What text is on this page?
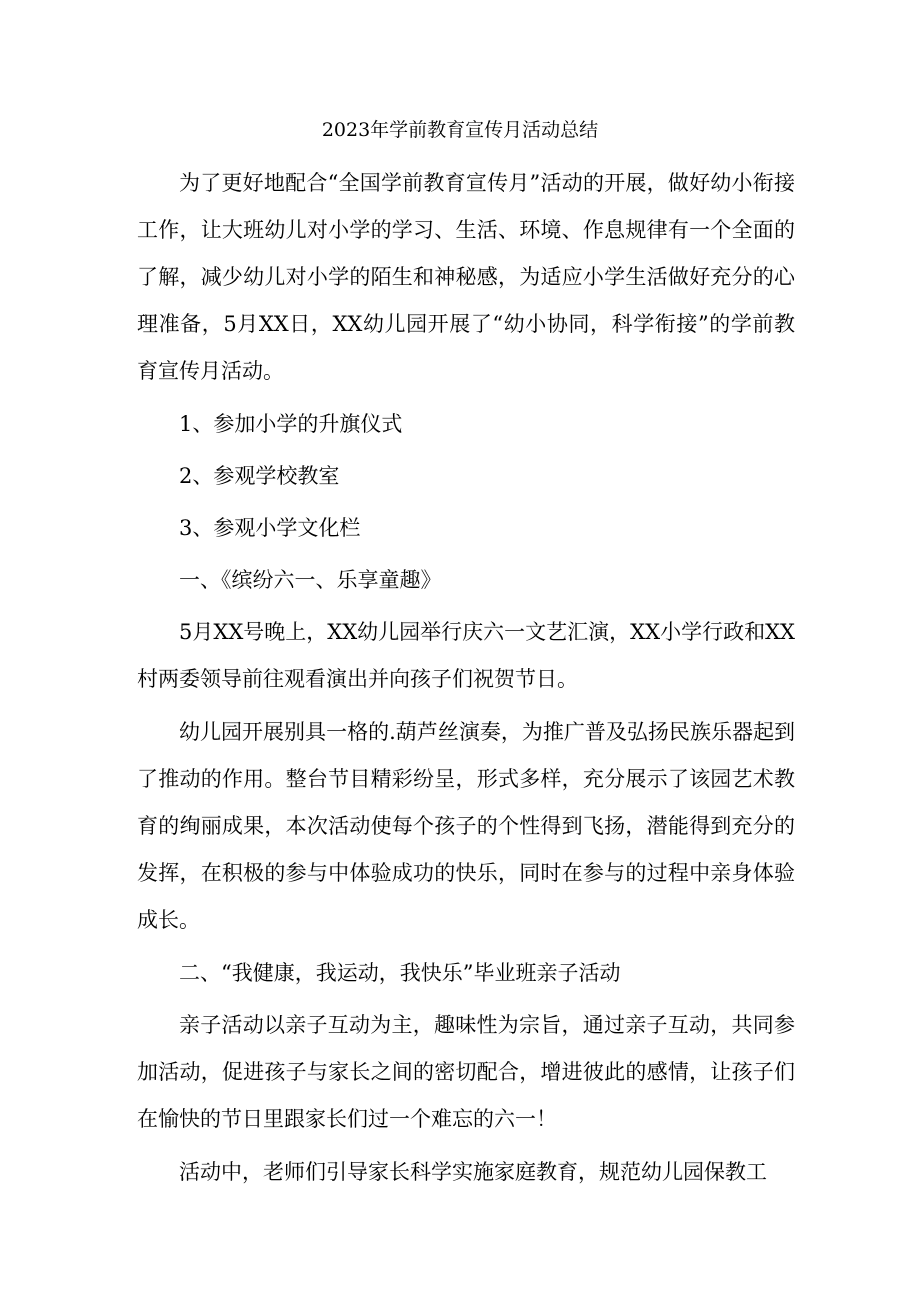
2023年学前教育宣传月活动总结

为了更好地配合“全国学前教育宣传月”活动的开展，做好幼小衔接工作，让大班幼儿对小学的学习、生活、环境、作息规律有一个全面的了解，减少幼儿对小学的陌生和神秘感，为适应小学生活做好充分的心理准备，5月XX日，XX幼儿园开展了“幼小协同，科学衔接”的学前教育宣传月活动。

1、参加小学的升旗仪式

2、参观学校教室

3、参观小学文化栏

一、《缤纷六一、乐享童趣》

5月XX号晚上，XX幼儿园举行庆六一文艺汇演，XX小学行政和XX村两委领导前往观看演出并向孩子们祝贺节日。

幼儿园开展别具一格的.葫芦丝演奏，为推广普及弘扬民族乐器起到了推动的作用。整台节目精彩纷呈，形式多样，充分展示了该园艺术教育的绚丽成果，本次活动使每个孩子的个性得到飞扬，潜能得到充分的发挥，在积极的参与中体验成功的快乐，同时在参与的过程中亲身体验成长。

二、“我健康，我运动，我快乐”毕业班亲子活动

亲子活动以亲子互动为主，趣味性为宗旨，通过亲子互动，共同参加活动，促进孩子与家长之间的密切配合，增进彼此的感情，让孩子们在愉快的节日里跟家长们过一个难忘的六一！

活动中，老师们引导家长科学实施家庭教育，规范幼儿园保教工
